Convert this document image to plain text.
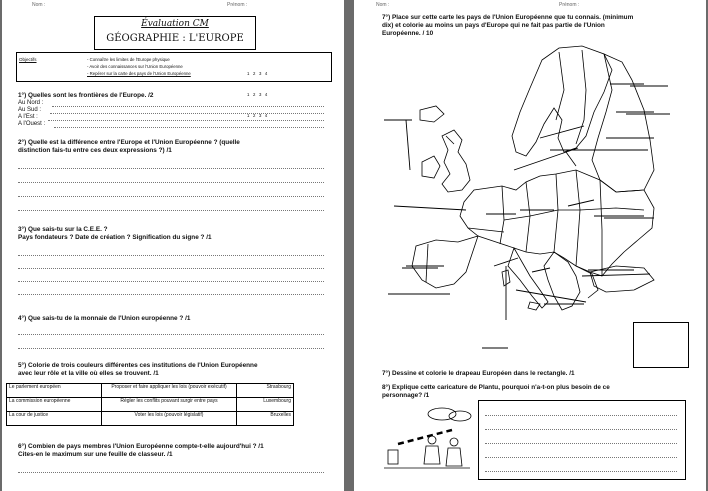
Nom :	Prénom :
Évaluation CM
GÉOGRAPHIE : L'EUROPE
Objectifs	- Connaître les limites de l'Europe physique
- Avoir des connaissances sur l'Union Européenne
- Repérer sur la carte des pays de l'Union Européenne

	1   2   3   4

1   2   3   4

1   2   3   4

1°) Quelles sont les frontières de l'Europe. /2
Au Nord :
Au Sud :
A l'Est :
A l'Ouest :
2°) Quelle est la différence entre l'Europe et l'Union Européenne ? (quelle
distinction fais-tu entre ces deux expressions ?) /1
3°) Que sais-tu sur la C.E.E. ?
Pays fondateurs ? Date de création ? Signification du signe ? /1
4°) Que sais-tu de la monnaie de l'Union européenne ? /1
5°) Colorie de trois couleurs différentes ces institutions de l'Union Européenne
avec leur rôle et la ville où elles se trouvent. /1
Le parlement européen	Proposer et faire appliquer les lois (pouvoir exécutif)	Strasbourg
La commission européenne	Régler les conflits pouvant surgir entre pays	Luxembourg
La cour de justice	Voter les lois (pouvoir législatif)	Bruxelles
6°) Combien de pays membres l'Union Européenne compte-t-elle aujourd'hui ? /1
Cites-en le maximum sur une feuille de classeur. /1
Nom :	Prénom :
7°) Place sur cette carte les pays de l'Union Européenne que tu connais. (minimum
dix) et colorie au moins un pays d'Europe qui ne fait pas partie de l'Union
Européenne. / 10
7°) Dessine et colorie le drapeau Européen dans le rectangle. /1
8°) Explique cette caricature de Plantu, pourquoi n'a-t-on plus besoin de ce
personnage? /1
